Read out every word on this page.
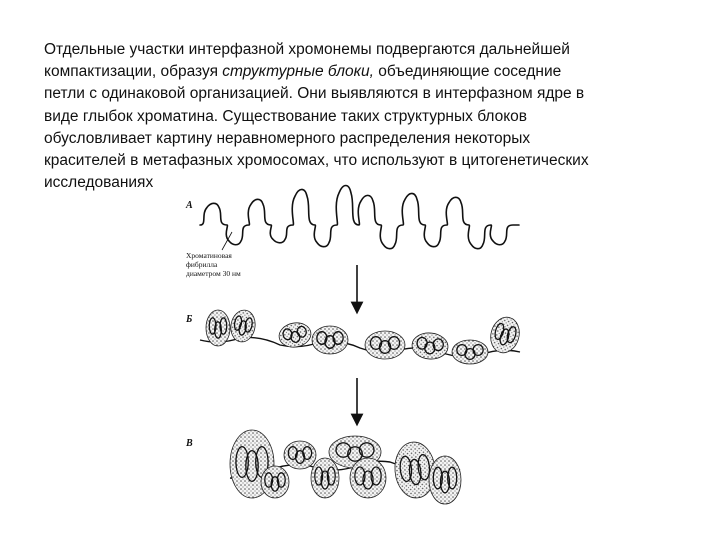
Отдельные участки интерфазной хромонемы подвергаются дальнейшей
компактизации, образуя структурные блоки, объединяющие соседние
петли с одинаковой организацией. Они выявляются в интерфазном ядре в
виде глыбок хроматина. Существование таких структурных блоков
обусловливает картину неравномерного распределения некоторых
красителей в метафазных хромосомах, что используют в цитогенетических
исследованиях
А
Хроматиновая
фибрилла
диаметром 30 нм
Б
В
